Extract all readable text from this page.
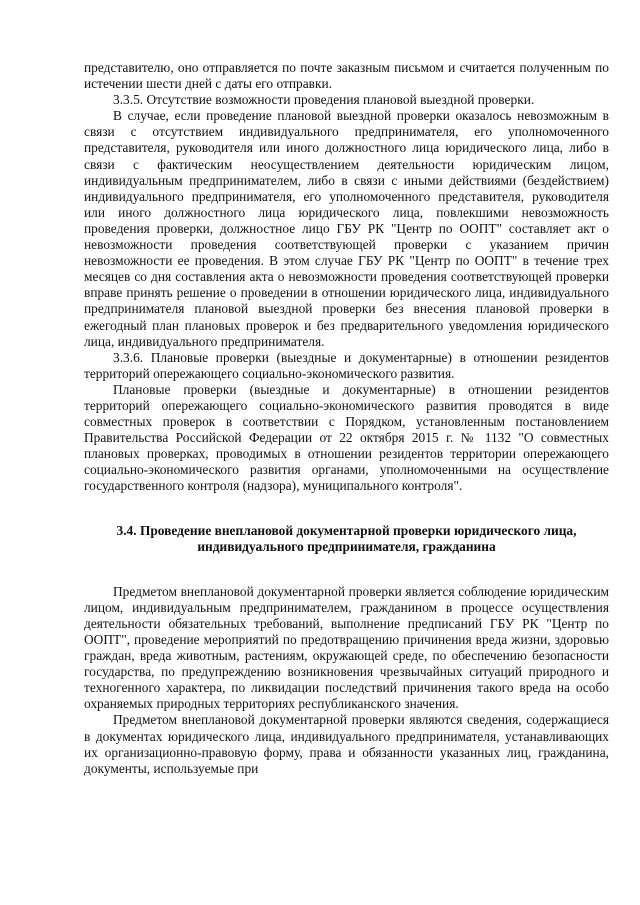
представителю, оно отправляется по почте заказным письмом и считается полученным по истечении шести дней с даты его отправки.

3.3.5. Отсутствие возможности проведения плановой выездной проверки.

В случае, если проведение плановой выездной проверки оказалось невозможным в связи с отсутствием индивидуального предпринимателя, его уполномоченного представителя, руководителя или иного должностного лица юридического лица, либо в связи с фактическим неосуществлением деятельности юридическим лицом, индивидуальным предпринимателем, либо в связи с иными действиями (бездействием) индивидуального предпринимателя, его уполномоченного представителя, руководителя или иного должностного лица юридического лица, повлекшими невозможность проведения проверки, должностное лицо ГБУ РК "Центр по ООПТ" составляет акт о невозможности проведения соответствующей проверки с указанием причин невозможности ее проведения. В этом случае ГБУ РК "Центр по ООПТ" в течение трех месяцев со дня составления акта о невозможности проведения соответствующей проверки вправе принять решение о проведении в отношении юридического лица, индивидуального предпринимателя плановой выездной проверки без внесения плановой проверки в ежегодный план плановых проверок и без предварительного уведомления юридического лица, индивидуального предпринимателя.

3.3.6. Плановые проверки (выездные и документарные) в отношении резидентов территорий опережающего социально-экономического развития.

Плановые проверки (выездные и документарные) в отношении резидентов территорий опережающего социально-экономического развития проводятся в виде совместных проверок в соответствии с Порядком, установленным постановлением Правительства Российской Федерации от 22 октября 2015 г. № 1132 "О совместных плановых проверках, проводимых в отношении резидентов территории опережающего социально-экономического развития органами, уполномоченными на осуществление государственного контроля (надзора), муниципального контроля".

3.4. Проведение внеплановой документарной проверки юридического лица,
индивидуального предпринимателя, гражданина

Предметом внеплановой документарной проверки является соблюдение юридическим лицом, индивидуальным предпринимателем, гражданином в процессе осуществления деятельности обязательных требований, выполнение предписаний ГБУ РК "Центр по ООПТ", проведение мероприятий по предотвращению причинения вреда жизни, здоровью граждан, вреда животным, растениям, окружающей среде, по обеспечению безопасности государства, по предупреждению возникновения чрезвычайных ситуаций природного и техногенного характера, по ликвидации последствий причинения такого вреда на особо охраняемых природных территориях республиканского значения.

Предметом внеплановой документарной проверки являются сведения, содержащиеся в документах юридического лица, индивидуального предпринимателя, устанавливающих их организационно-правовую форму, права и обязанности указанных лиц, гражданина, документы, используемые при
